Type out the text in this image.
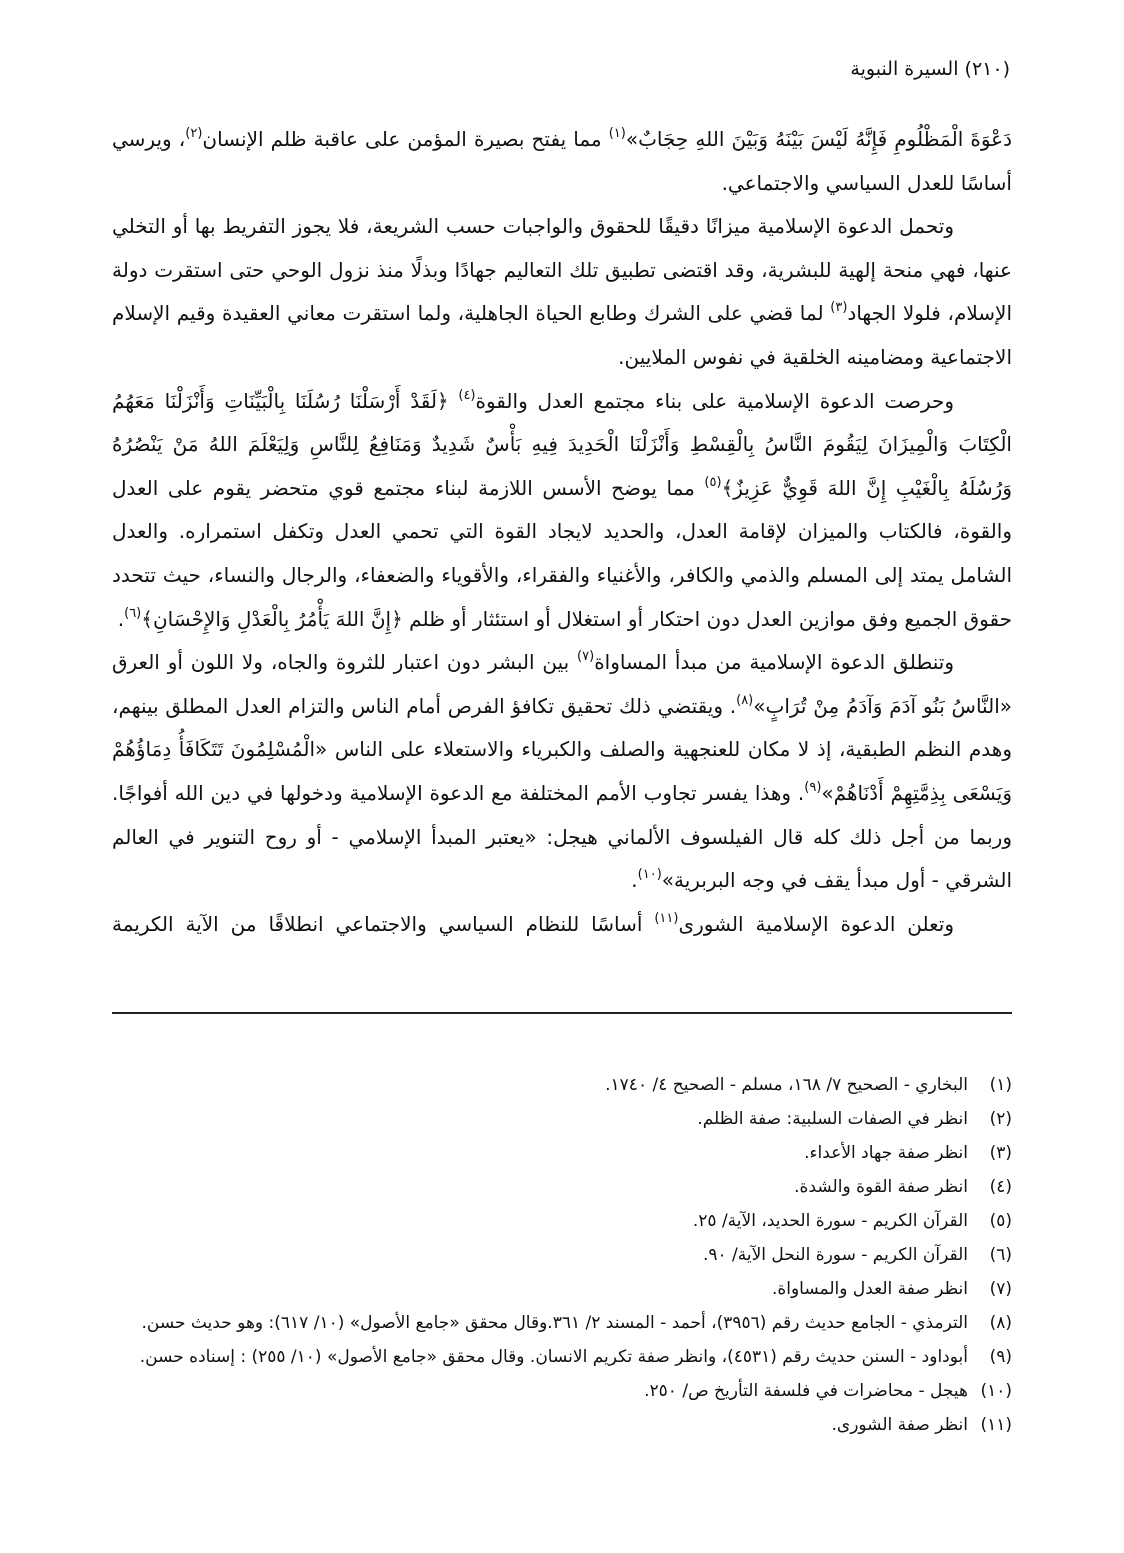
(٢١٠) السيرة النبوية

دَعْوَةَ الْمَظْلُومِ فَإِنَّهُ لَيْسَ بَيْنَهُ وَبَيْنَ اللهِ حِجَابٌ»$^{(١)}$ مما يفتح بصيرة المؤمن على عاقبة ظلم الإنسان$^{(٢)}$، ويرسي أساسًا للعدل السياسي والاجتماعي.

وتحمل الدعوة الإسلامية ميزانًا دقيقًا للحقوق والواجبات حسب الشريعة، فلا يجوز التفريط بها أو التخلي عنها، فهي منحة إلهية للبشرية، وقد اقتضى تطبيق تلك التعاليم جهادًا وبذلًا منذ نزول الوحي حتى استقرت دولة الإسلام، فلولا الجهاد$^{(٣)}$ لما قضي على الشرك وطابع الحياة الجاهلية، ولما استقرت معاني العقيدة وقيم الإسلام الاجتماعية ومضامينه الخلقية في نفوس الملايين.

وحرصت الدعوة الإسلامية على بناء مجتمع العدل والقوة$^{(٤)}$ ﴿لَقَدْ أَرْسَلْنَا رُسُلَنَا بِالْبَيِّنَاتِ وَأَنْزَلْنَا مَعَهُمُ الْكِتَابَ وَالْمِيزَانَ لِيَقُومَ النَّاسُ بِالْقِسْطِ وَأَنْزَلْنَا الْحَدِيدَ فِيهِ بَأْسٌ شَدِيدٌ وَمَنَافِعُ لِلنَّاسِ وَلِيَعْلَمَ اللهُ مَنْ يَنْصُرُهُ وَرُسُلَهُ بِالْغَيْبِ إِنَّ اللهَ قَوِيٌّ عَزِيزٌ﴾$^{(٥)}$ مما يوضح الأسس اللازمة لبناء مجتمع قوي متحضر يقوم على العدل والقوة، فالكتاب والميزان لإقامة العدل، والحديد لايجاد القوة التي تحمي العدل وتكفل استمراره. والعدل الشامل يمتد إلى المسلم والذمي والكافر، والأغنياء والفقراء، والأقوياء والضعفاء، والرجال والنساء، حيث تتحدد حقوق الجميع وفق موازين العدل دون احتكار أو استغلال أو استئثار أو ظلم ﴿إِنَّ اللهَ يَأْمُرُ بِالْعَدْلِ وَالإِحْسَانِ﴾$^{(٦)}$.

وتنطلق الدعوة الإسلامية من مبدأ المساواة$^{(٧)}$ بين البشر دون اعتبار للثروة والجاه، ولا اللون أو العرق «النَّاسُ بَنُو آدَمَ وَآدَمُ مِنْ تُرَابٍ»$^{(٨)}$. ويقتضي ذلك تحقيق تكافؤ الفرص أمام الناس والتزام العدل المطلق بينهم، وهدم النظم الطبقية، إذ لا مكان للعنجهية والصلف والكبرياء والاستعلاء على الناس «الْمُسْلِمُونَ تَتَكَافَأُ دِمَاؤُهُمْ وَيَسْعَى بِذِمَّتِهِمْ أَدْنَاهُمْ»$^{(٩)}$. وهذا يفسر تجاوب الأمم المختلفة مع الدعوة الإسلامية ودخولها في دين الله أفواجًا. وربما من أجل ذلك كله قال الفيلسوف الألماني هيجل: «يعتبر المبدأ الإسلامي - أو روح التنوير في العالم الشرقي - أول مبدأ يقف في وجه البربرية»$^{(١٠)}$.

وتعلن الدعوة الإسلامية الشورى$^{(١١)}$ أساسًا للنظام السياسي والاجتماعي انطلاقًا من الآية الكريمة

(١)
البخاري - الصحيح ٧/ ١٦٨، مسلم - الصحيح ٤/ ١٧٤٠.
(٢)
انظر في الصفات السلبية: صفة الظلم.
(٣)
انظر صفة جهاد الأعداء.
(٤)
انظر صفة القوة والشدة.
(٥)
القرآن الكريم - سورة الحديد، الآية/ ٢٥.
(٦)
القرآن الكريم - سورة النحل الآية/ ٩٠.
(٧)
انظر صفة العدل والمساواة.
(٨)
الترمذي - الجامع حديث رقم (٣٩٥٦)، أحمد - المسند ٢/ ٣٦١.وقال محقق «جامع الأصول» (١٠/ ٦١٧): وهو حديث حسن.
(٩)
أبوداود - السنن حديث رقم (٤٥٣١)، وانظر صفة تكريم الانسان. وقال محقق «جامع الأصول» (١٠/ ٢٥٥) : إسناده حسن.
(١٠)
هيجل - محاضرات في فلسفة التأريخ ص/ ٢٥٠.
(١١)
انظر صفة الشورى.
